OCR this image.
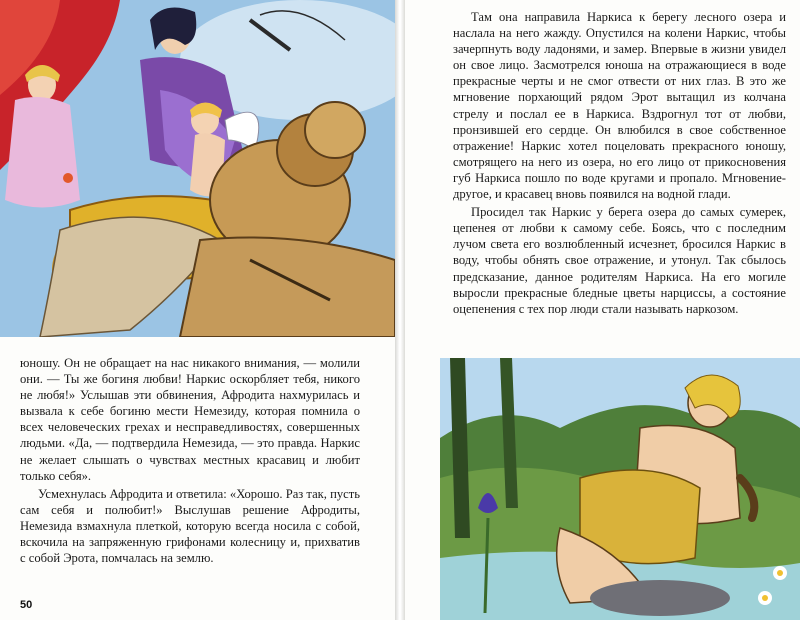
юношу. Он не обращает на нас никакого внимания, — молили они. — Ты же богиня любви! Наркис оскорбляет тебя, никого не любя!» Услышав эти обвинения, Афродита нахмурилась и вызвала к себе богиню мести Немезиду, которая помнила о всех человеческих грехах и несправедливостях, совершенных людьми. «Да, — подтвердила Немезида, — это правда. Наркис не желает слышать о чувствах местных красавиц и любит только себя».

Усмехнулась Афродита и ответила: «Хорошо. Раз так, пусть сам себя и полюбит!» Выслушав решение Афродиты, Немезида взмахнула плеткой, которую всегда носила с собой, вскочила на запряженную грифонами колесницу и, прихватив с собой Эрота, помчалась на землю.

50

Там она направила Наркиса к берегу лесного озера и наслала на него жажду. Опустился на колени Наркис, чтобы зачерпнуть воду ладонями, и замер. Впервые в жизни увидел он свое лицо. Засмотрелся юноша на отражающиеся в воде прекрасные черты и не смог отвести от них глаз. В это же мгновение порхающий рядом Эрот вытащил из колчана стрелу и послал ее в Наркиса. Вздрогнул тот от любви, пронзившей его сердце. Он влюбился в свое собственное отражение! Наркис хотел поцеловать прекрасного юношу, смотрящего на него из озера, но его лицо от прикосновения губ Наркиса пошло по воде кругами и пропало. Мгновение-другое, и красавец вновь появился на водной глади.

Просидел так Наркис у берега озера до самых сумерек, цепенея от любви к самому себе. Боясь, что с последним лучом света его возлюбленный исчезнет, бросился Наркис в воду, чтобы обнять свое отражение, и утонул. Так сбылось предсказание, данное родителям Наркиса. На его могиле выросли прекрасные бледные цветы нарциссы, а состояние оцепенения с тех пор люди стали называть наркозом.
